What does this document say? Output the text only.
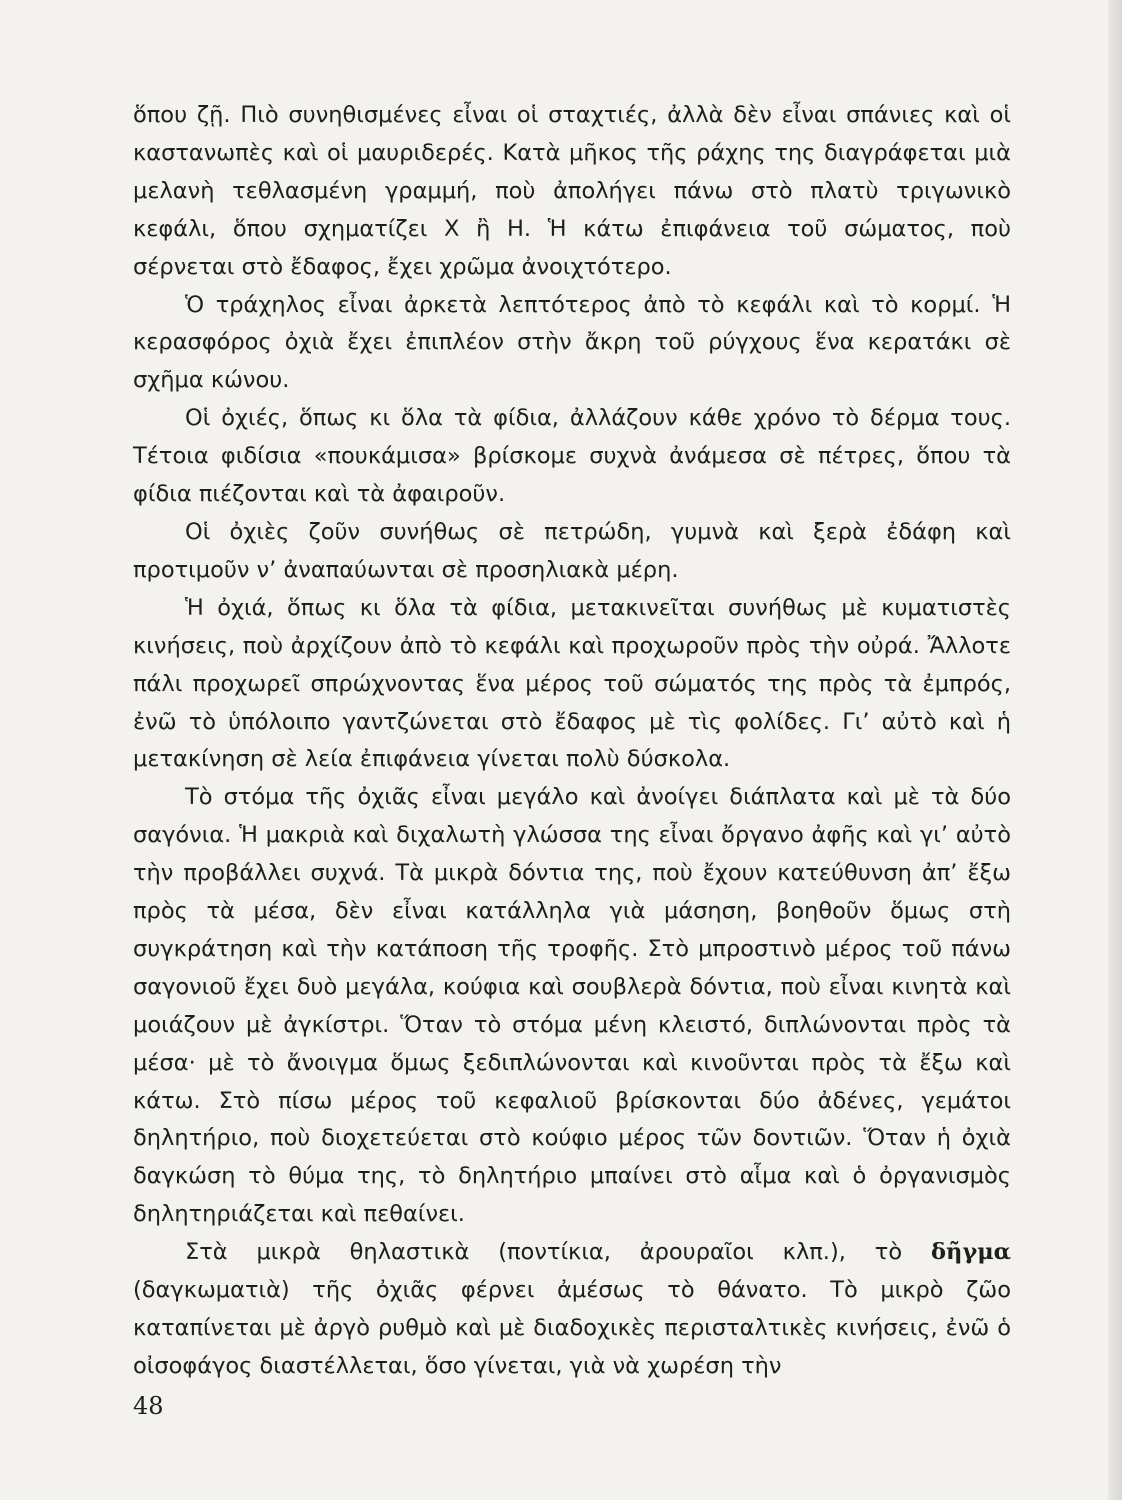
ὅπου ζῇ. Πιὸ συνηθισμένες εἶναι οἱ σταχτιές, ἀλλὰ δὲν εἶναι σπάνιες καὶ οἱ καστανωπὲς καὶ οἱ μαυριδερές. Κατὰ μῆκος τῆς ράχης της διαγράφεται μιὰ μελανὴ τεθλασμένη γραμμή, ποὺ ἀπολήγει πάνω στὸ πλατὺ τριγωνικὸ κεφάλι, ὅπου σχηματίζει Χ ἢ Η. Ἡ κάτω ἐπιφάνεια τοῦ σώματος, ποὺ σέρνεται στὸ ἔδαφος, ἔχει χρῶμα ἀνοιχτότερο.

Ὁ τράχηλος εἶναι ἀρκετὰ λεπτότερος ἀπὸ τὸ κεφάλι καὶ τὸ κορμί. Ἡ κερασφόρος ὀχιὰ ἔχει ἐπιπλέον στὴν ἄκρη τοῦ ρύγχους ἕνα κερατάκι σὲ σχῆμα κώνου.

Οἱ ὀχιές, ὅπως κι ὅλα τὰ φίδια, ἀλλάζουν κάθε χρόνο τὸ δέρμα τους. Τέτοια φιδίσια «πουκάμισα» βρίσκομε συχνὰ ἀνάμεσα σὲ πέτρες, ὅπου τὰ φίδια πιέζονται καὶ τὰ ἀφαιροῦν.

Οἱ ὀχιὲς ζοῦν συνήθως σὲ πετρώδη, γυμνὰ καὶ ξερὰ ἐδάφη καὶ προτιμοῦν ν’ ἀναπαύωνται σὲ προσηλιακὰ μέρη.

Ἡ ὀχιά, ὅπως κι ὅλα τὰ φίδια, μετακινεῖται συνήθως μὲ κυματιστὲς κινήσεις, ποὺ ἀρχίζουν ἀπὸ τὸ κεφάλι καὶ προχωροῦν πρὸς τὴν οὐρά. Ἄλλοτε πάλι προχωρεῖ σπρώχνοντας ἕνα μέρος τοῦ σώματός της πρὸς τὰ ἐμπρός, ἐνῶ τὸ ὑπόλοιπο γαντζώνεται στὸ ἔδαφος μὲ τὶς φολίδες. Γι’ αὐτὸ καὶ ἡ μετακίνηση σὲ λεία ἐπιφάνεια γίνεται πολὺ δύσκολα.

Τὸ στόμα τῆς ὀχιᾶς εἶναι μεγάλο καὶ ἀνοίγει διάπλατα καὶ μὲ τὰ δύο σαγόνια. Ἡ μακριὰ καὶ διχαλωτὴ γλώσσα της εἶναι ὄργανο ἀφῆς καὶ γι’ αὐτὸ τὴν προβάλλει συχνά. Τὰ μικρὰ δόντια της, ποὺ ἔχουν κατεύθυνση ἀπ’ ἔξω πρὸς τὰ μέσα, δὲν εἶναι κατάλληλα γιὰ μάσηση, βοηθοῦν ὅμως στὴ συγκράτηση καὶ τὴν κατάποση τῆς τροφῆς. Στὸ μπροστινὸ μέρος τοῦ πάνω σαγονιοῦ ἔχει δυὸ μεγάλα, κούφια καὶ σουβλερὰ δόντια, ποὺ εἶναι κινητὰ καὶ μοιάζουν μὲ ἀγκίστρι. Ὅταν τὸ στόμα μένη κλειστό, διπλώνονται πρὸς τὰ μέσα· μὲ τὸ ἄνοιγμα ὅμως ξεδιπλώνονται καὶ κινοῦνται πρὸς τὰ ἔξω καὶ κάτω. Στὸ πίσω μέρος τοῦ κεφαλιοῦ βρίσκονται δύο ἀδένες, γεμάτοι δηλητήριο, ποὺ διοχετεύεται στὸ κούφιο μέρος τῶν δοντιῶν. Ὅταν ἡ ὀχιὰ δαγκώση τὸ θύμα της, τὸ δηλητήριο μπαίνει στὸ αἷμα καὶ ὁ ὀργανισμὸς δηλητηριάζεται καὶ πεθαίνει.

Στὰ μικρὰ θηλαστικὰ (ποντίκια, ἀρουραῖοι κλπ.), τὸ δῆγμα (δαγκωματιὰ) τῆς ὀχιᾶς φέρνει ἀμέσως τὸ θάνατο. Τὸ μικρὸ ζῶο καταπίνεται μὲ ἀργὸ ρυθμὸ καὶ μὲ διαδοχικὲς περισταλτικὲς κινήσεις, ἐνῶ ὁ οἰσοφάγος διαστέλλεται, ὅσο γίνεται, γιὰ νὰ χωρέση τὴν

48
